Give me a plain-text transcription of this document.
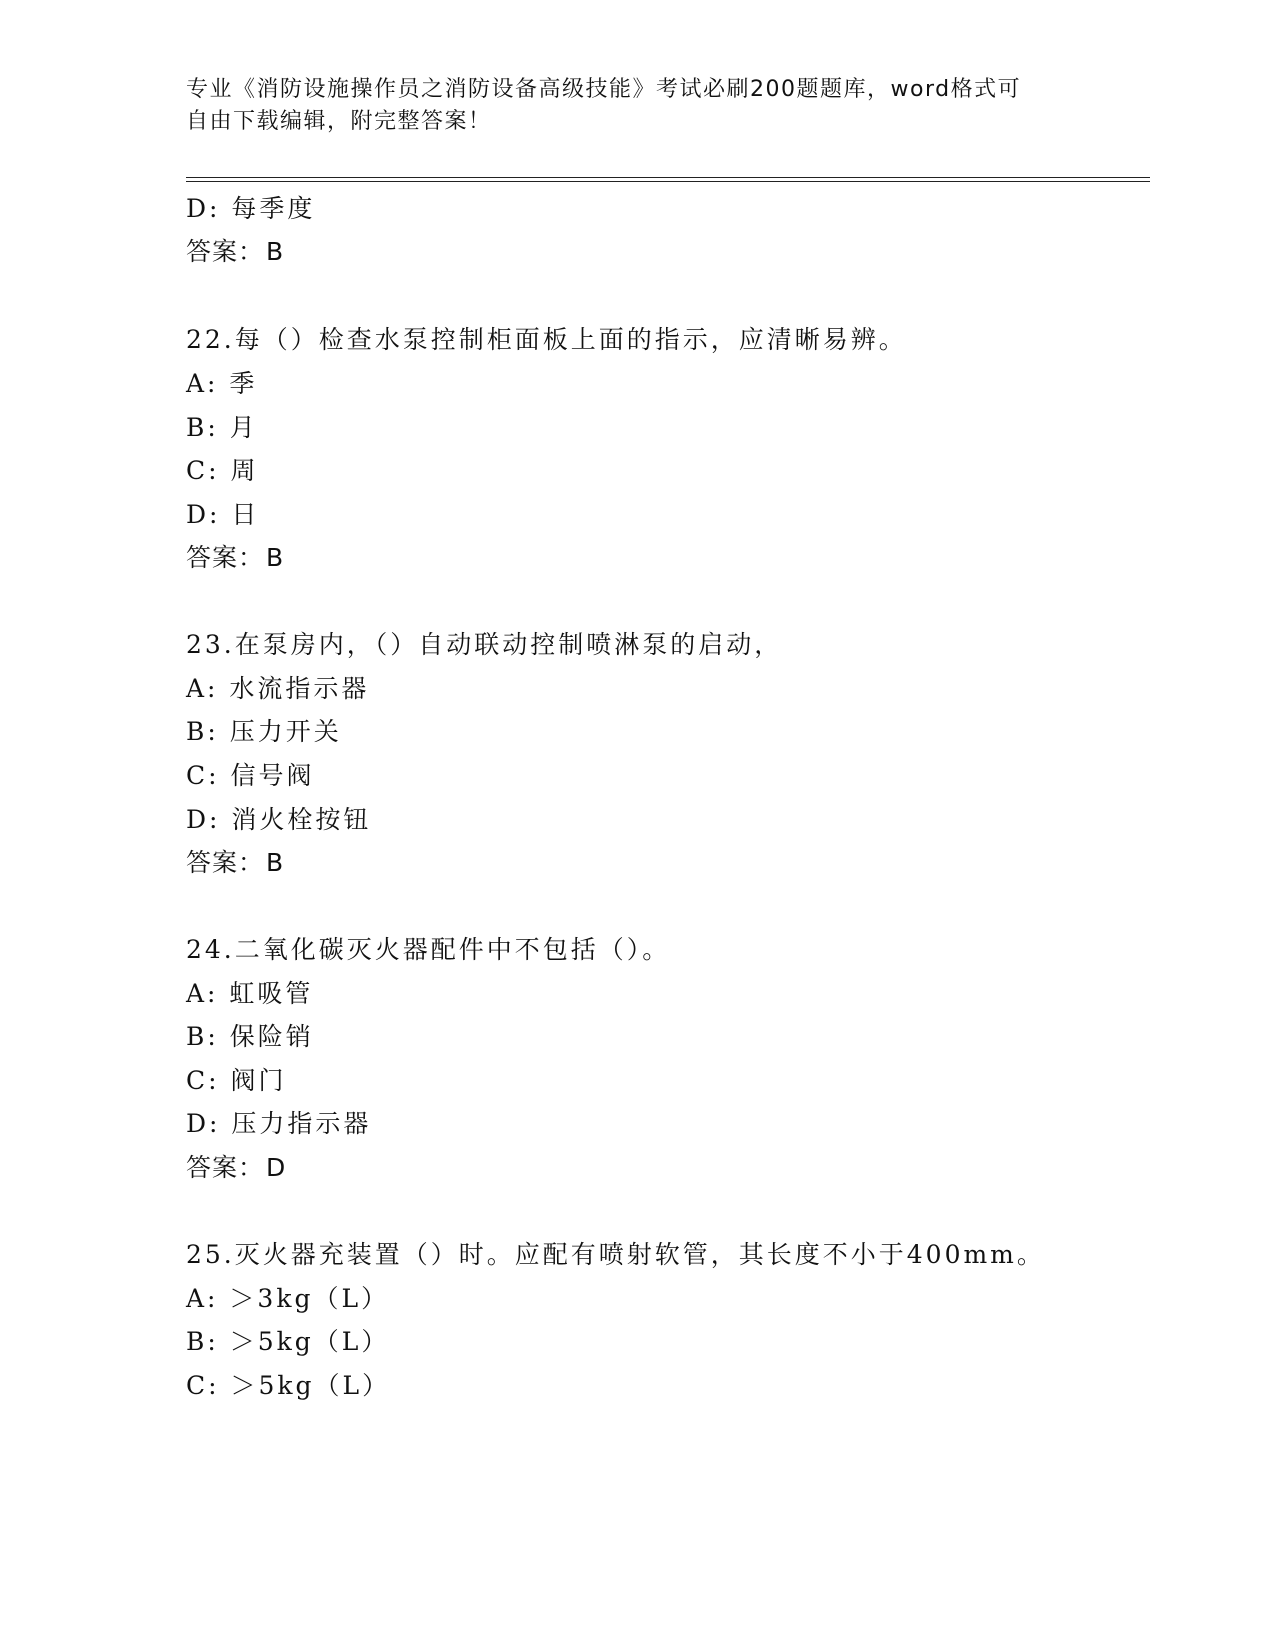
专业《消防设施操作员之消防设备高级技能》考试必刷200题题库，word格式可
自由下载编辑，附完整答案！
D: 每季度
答案：B
22.每（）检查水泵控制柜面板上面的指示，应清晰易辨。
A: 季
B: 月
C: 周
D: 日
答案：B
23.在泵房内，（）自动联动控制喷淋泵的启动，
A: 水流指示器
B: 压力开关
C: 信号阀
D: 消火栓按钮
答案：B
24.二氧化碳灭火器配件中不包括（）。
A: 虹吸管
B: 保险销
C: 阀门
D: 压力指示器
答案：D
25.灭火器充装置（）时。应配有喷射软管，其长度不小于400mm。
A: ＞3kg（L）
B: ＞5kg（L）
C: ＞5kg（L）
